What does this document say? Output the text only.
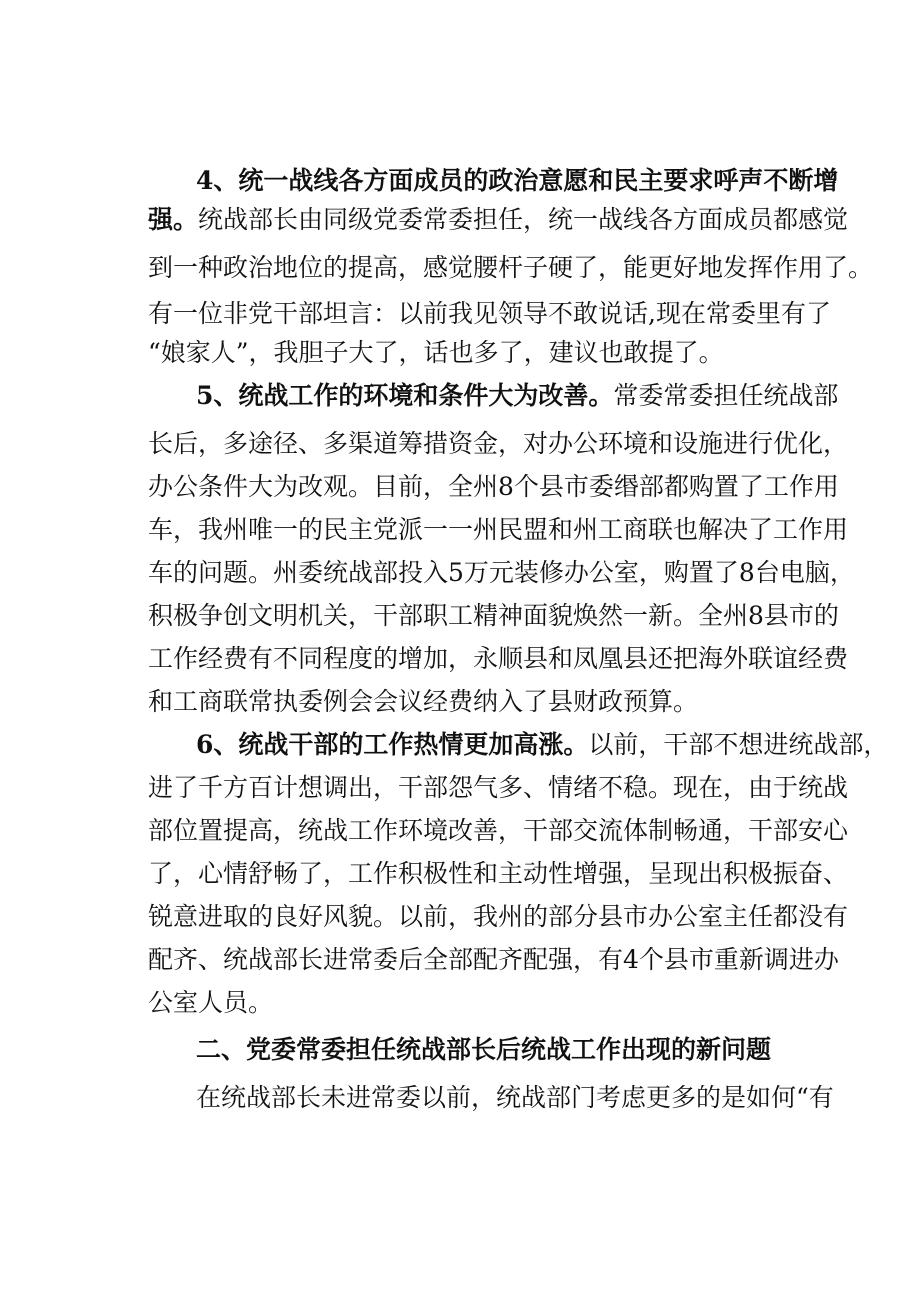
4、统一战线各方面成员的政治意愿和民主要求呼声不断增
强。统战部长由同级党委常委担任，统一战线各方面成员都感觉
到一种政治地位的提高，感觉腰杆子硬了，能更好地发挥作用了。
有一位非党干部坦言：以前我见领导不敢说话,现在常委里有了
“娘家人”，我胆子大了，话也多了，建议也敢提了。
5、统战工作的环境和条件大为改善。常委常委担任统战部
长后，多途径、多渠道筹措资金，对办公环境和设施进行优化，
办公条件大为改观。目前，全州8个县市委缗部都购置了工作用
车，我州唯一的民主党派一一州民盟和州工商联也解决了工作用
车的问题。州委统战部投入5万元装修办公室，购置了8台电脑，
积极争创文明机关，干部职工精神面貌焕然一新。全州8县市的
工作经费有不同程度的增加，永顺县和凤凰县还把海外联谊经费
和工商联常执委例会会议经费纳入了县财政预算。
6、统战干部的工作热情更加高涨。以前，干部不想进统战部，
进了千方百计想调出，干部怨气多、情绪不稳。现在，由于统战
部位置提高，统战工作环境改善，干部交流体制畅通，干部安心
了，心情舒畅了，工作积极性和主动性增强，呈现出积极振奋、
锐意进取的良好风貌。以前，我州的部分县市办公室主任都没有
配齐、统战部长进常委后全部配齐配强，有4个县市重新调进办
公室人员。
二、党委常委担任统战部长后统战工作出现的新问题
在统战部长未进常委以前，统战部门考虑更多的是如何“有
